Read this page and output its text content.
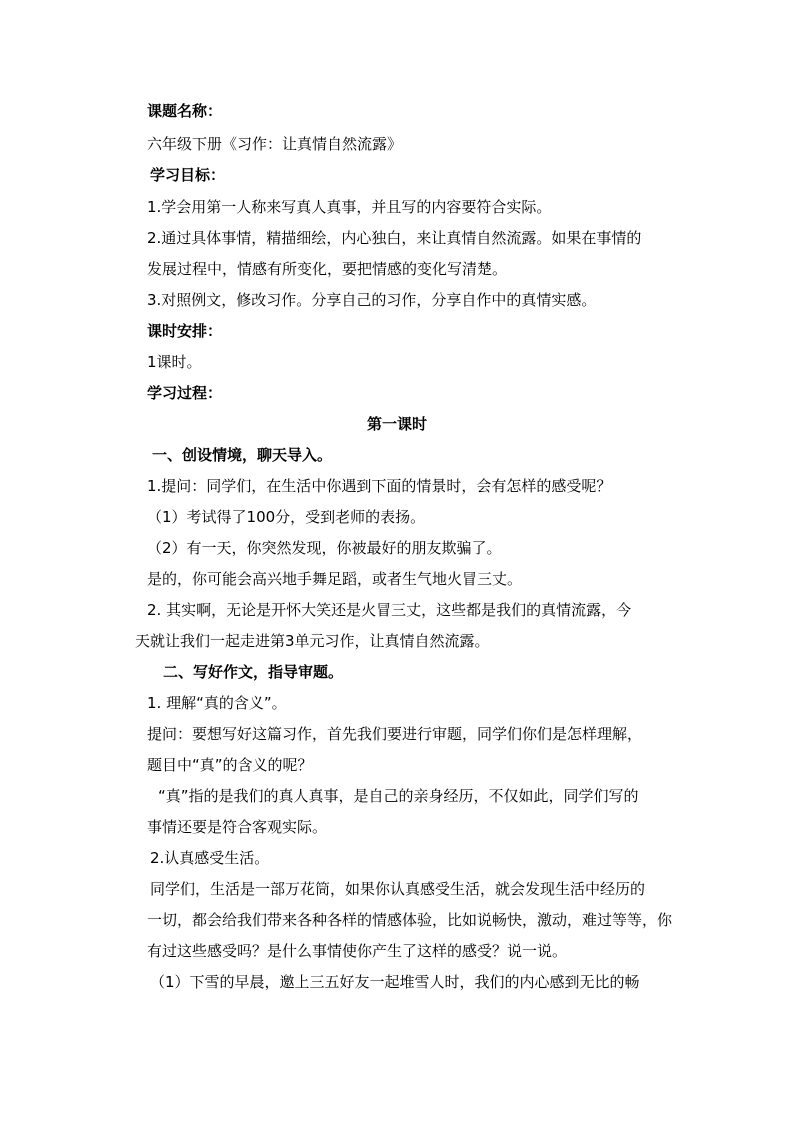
课题名称：
六年级下册《习作：让真情自然流露》
学习目标：
1.学会用第一人称来写真人真事，并且写的内容要符合实际。
2.通过具体事情，精描细绘，内心独白，来让真情自然流露。如果在事情的
发展过程中，情感有所变化，要把情感的变化写清楚。
3.对照例文，修改习作。分享自己的习作，分享自作中的真情实感。
课时安排：
1课时。
学习过程：
第一课时
一、创设情境，聊天导入。
1.提问：同学们，在生活中你遇到下面的情景时，会有怎样的感受呢？
（1）考试得了100分，受到老师的表扬。
（2）有一天，你突然发现，你被最好的朋友欺骗了。
是的，你可能会高兴地手舞足蹈，或者生气地火冒三丈。
2. 其实啊，无论是开怀大笑还是火冒三丈，这些都是我们的真情流露，今
天就让我们一起走进第3单元习作，让真情自然流露。
二、写好作文，指导审题。
1. 理解“真的含义”。
提问：要想写好这篇习作，首先我们要进行审题，同学们你们是怎样理解，
题目中“真”的含义的呢？
“真”指的是我们的真人真事，是自己的亲身经历，不仅如此，同学们写的
事情还要是符合客观实际。
2.认真感受生活。
同学们，生活是一部万花筒，如果你认真感受生活，就会发现生活中经历的
一切，都会给我们带来各种各样的情感体验，比如说畅快，激动，难过等等，你
有过这些感受吗？是什么事情使你产生了这样的感受？说一说。
（1）下雪的早晨，邀上三五好友一起堆雪人时，我们的内心感到无比的畅
